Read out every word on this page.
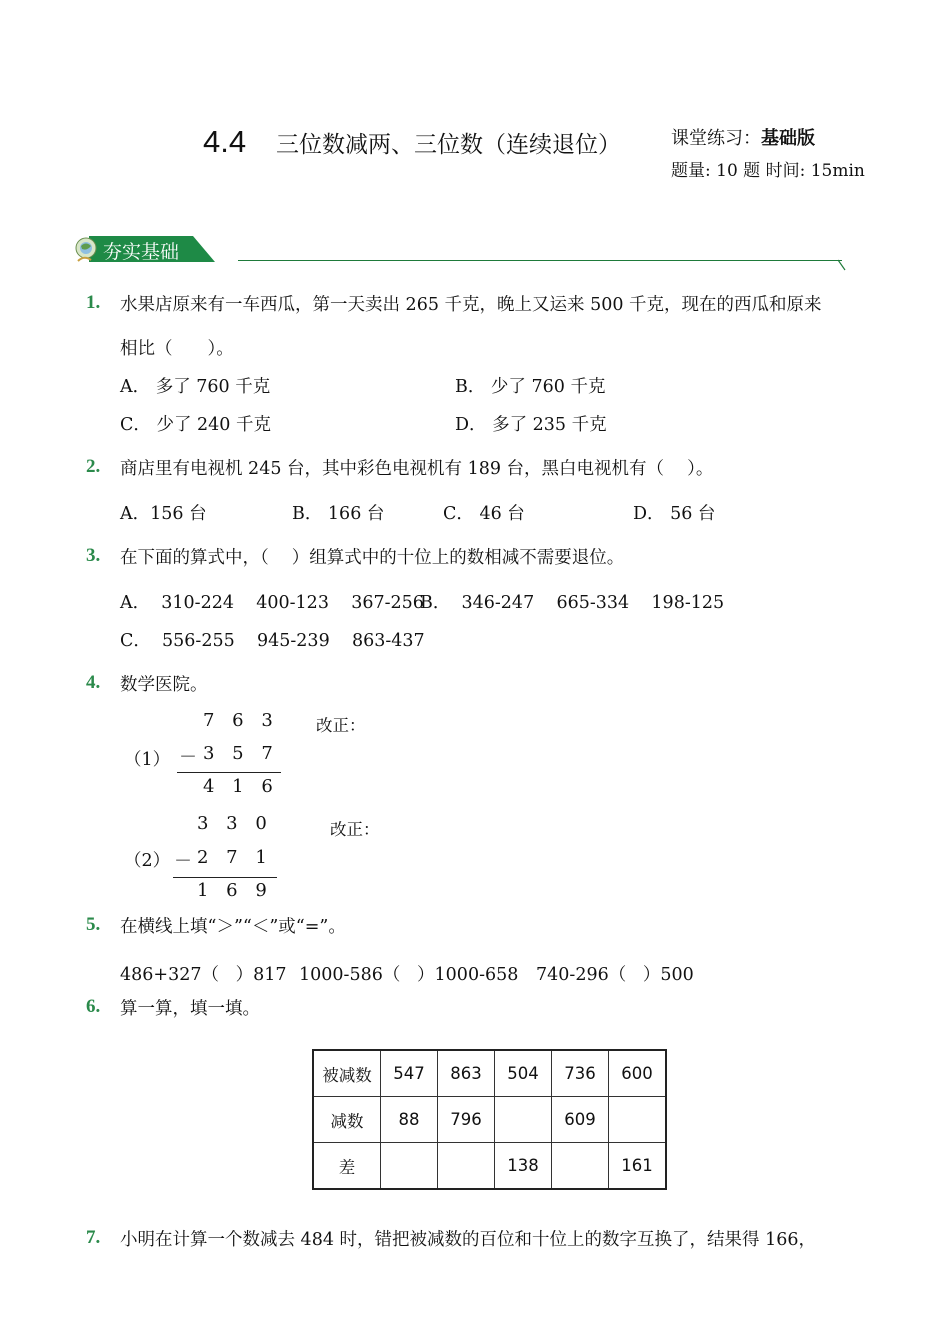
4.4 三位数减两、三位数（连续退位）	课堂练习：基础版
题量: 10 题 时间: 15min
夯实基础
1. 水果店原来有一车西瓜，第一天卖出 265 千克，晚上又运来 500 千克，现在的西瓜和原来
相比（　　）。
A． 多了 760 千克	B． 少了 760 千克
C． 少了 240 千克	D． 多了 235 千克
2. 商店里有电视机 245 台，其中彩色电视机有 189 台，黑白电视机有（　 ）。
A．156 台	B． 166 台	C． 46 台	D． 56 台
3. 在下面的算式中，（　 ）组算式中的十位上的数相减不需要退位。
A．  310-224    400-123    367-256
B．  346-247    665-334    198-125
C．  556-255    945-239    863-437
4. 数学医院。
7 6 3
（1） － 3 5 7
4 1 6
改正：
3 3 0
（2） － 2 7 1
1 6 9
改正：
5. 在横线上填“＞”“＜”或“=”。
486+327（   ）817 1000-586（   ）1000-658 740-296（   ）500
6. 算一算，填一填。
被减数	547	863	504	736	600
减数	88	796		609	
差			138		161
7. 小明在计算一个数减去 484 时，错把被减数的百位和十位上的数字互换了，结果得 166，
